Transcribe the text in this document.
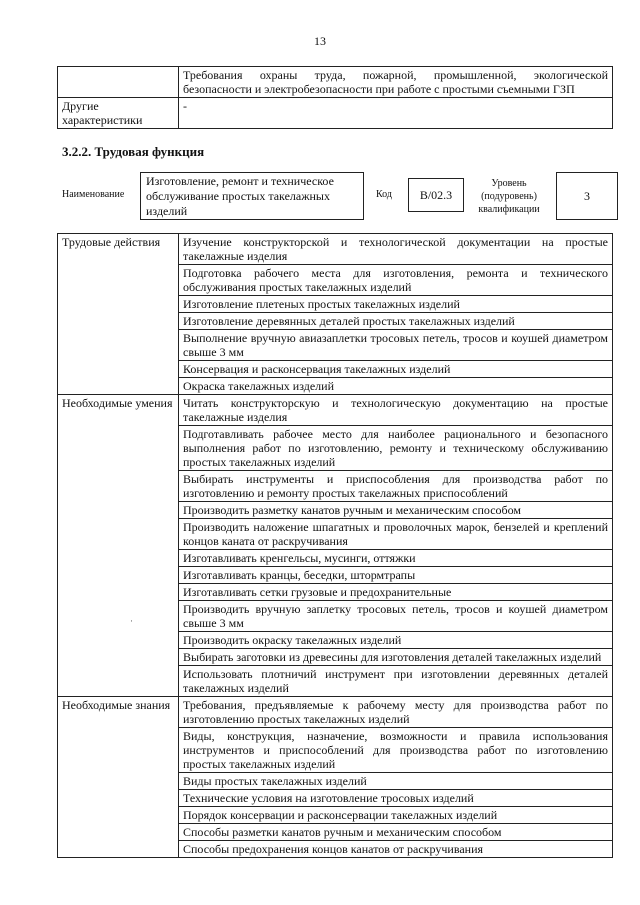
13
	Требования охраны труда, пожарной, промышленной, экологической безопасности и электробезопасности при работе с простыми съемными ГЗП
Другие характеристики	-
3.2.2. Трудовая функция
Наименование
Изготовление, ремонт и техническое обслуживание простых такелажных изделий
Код	B/02.3
Уровень (подуровень) квалификации
3
Трудовые действия	Изучение конструкторской и технологической документации на простые такелажные изделия
	Подготовка рабочего места для изготовления, ремонта и технического обслуживания простых такелажных изделий
	Изготовление плетеных простых такелажных изделий
	Изготовление деревянных деталей простых такелажных изделий
	Выполнение вручную авиазаплетки тросовых петель, тросов и коушей диаметром свыше 3 мм
	Консервация и расконсервация такелажных изделий
	Окраска такелажных изделий
Необходимые умения	Читать конструкторскую и технологическую документацию на простые такелажные изделия
	Подготавливать рабочее место для наиболее рационального и безопасного выполнения работ по изготовлению, ремонту и техническому обслуживанию простых такелажных изделий
	Выбирать инструменты и приспособления для производства работ по изготовлению и ремонту простых такелажных приспособлений
	Производить разметку канатов ручным и механическим способом
	Производить наложение шпагатных и проволочных марок, бензелей и креплений концов каната от раскручивания
	Изготавливать кренгельсы, мусинги, оттяжки
	Изготавливать кранцы, беседки, штормтрапы
	Изготавливать сетки грузовые и предохранительные
	Производить вручную заплетку тросовых петель, тросов и коушей диаметром свыше 3 мм
	Производить окраску такелажных изделий
	Выбирать заготовки из древесины для изготовления деталей такелажных изделий
	Использовать плотничий инструмент при изготовлении деревянных деталей такелажных изделий
Необходимые знания	Требования, предъявляемые к рабочему месту для производства работ по изготовлению простых такелажных изделий
	Виды, конструкция, назначение, возможности и правила использования инструментов и приспособлений для производства работ по изготовлению простых такелажных изделий
	Виды простых такелажных изделий
	Технические условия на изготовление тросовых изделий
	Порядок консервации и расконсервации такелажных изделий
	Способы разметки канатов ручным и механическим способом
	Способы предохранения концов канатов от раскручивания
·
